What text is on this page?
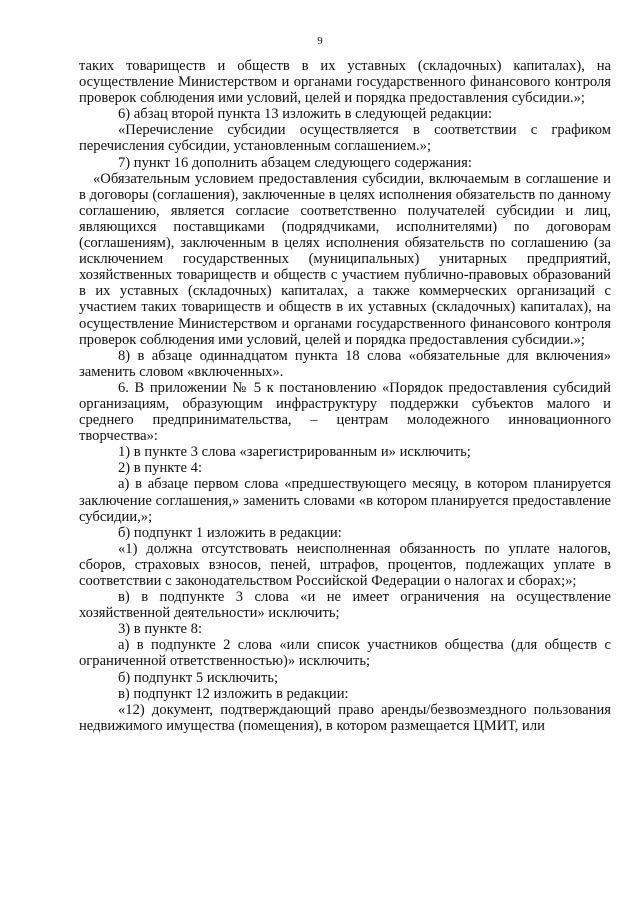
9

таких товариществ и обществ в их уставных (складочных) капиталах), на осуществление Министерством и органами государственного финансового контроля проверок соблюдения ими условий, целей и порядка предоставления субсидии.»;

6) абзац второй пункта 13 изложить в следующей редакции:

«Перечисление субсидии осуществляется в соответствии с графиком перечисления субсидии, установленным соглашением.»;

7) пункт 16 дополнить абзацем следующего содержания:

«Обязательным условием предоставления субсидии, включаемым в соглашение и в договоры (соглашения), заключенные в целях исполнения обязательств по данному соглашению, является согласие соответственно получателей субсидии и лиц, являющихся поставщиками (подрядчиками, исполнителями) по договорам (соглашениям), заключенным в целях исполнения обязательств по соглашению (за исключением государственных (муниципальных) унитарных предприятий, хозяйственных товариществ и обществ с участием публично-правовых образований в их уставных (складочных) капиталах, а также коммерческих организаций с участием таких товариществ и обществ в их уставных (складочных) капиталах), на осуществление Министерством и органами государственного финансового контроля проверок соблюдения ими условий, целей и порядка предоставления субсидии.»;

8) в абзаце одиннадцатом пункта 18 слова «обязательные для включения» заменить словом «включенных».

6. В приложении № 5 к постановлению «Порядок предоставления субсидий организациям, образующим инфраструктуру поддержки субъектов малого и среднего предпринимательства, – центрам молодежного инновационного творчества»:

1) в пункте 3 слова «зарегистрированным и» исключить;

2) в пункте 4:

а) в абзаце первом слова «предшествующего месяцу, в котором планируется заключение соглашения,» заменить словами «в котором планируется предоставление субсидии,»;

б) подпункт 1 изложить в редакции:

«1) должна отсутствовать неисполненная обязанность по уплате налогов, сборов, страховых взносов, пеней, штрафов, процентов, подлежащих уплате в соответствии с законодательством Российской Федерации о налогах и сборах;»;

в) в подпункте 3 слова «и не имеет ограничения на осуществление хозяйственной деятельности» исключить;

3) в пункте 8:

а) в подпункте 2 слова «или список участников общества (для обществ с ограниченной ответственностью)» исключить;

б) подпункт 5 исключить;

в) подпункт 12 изложить в редакции:

«12) документ, подтверждающий право аренды/безвозмездного пользования недвижимого имущества (помещения), в котором размещается ЦМИТ, или
